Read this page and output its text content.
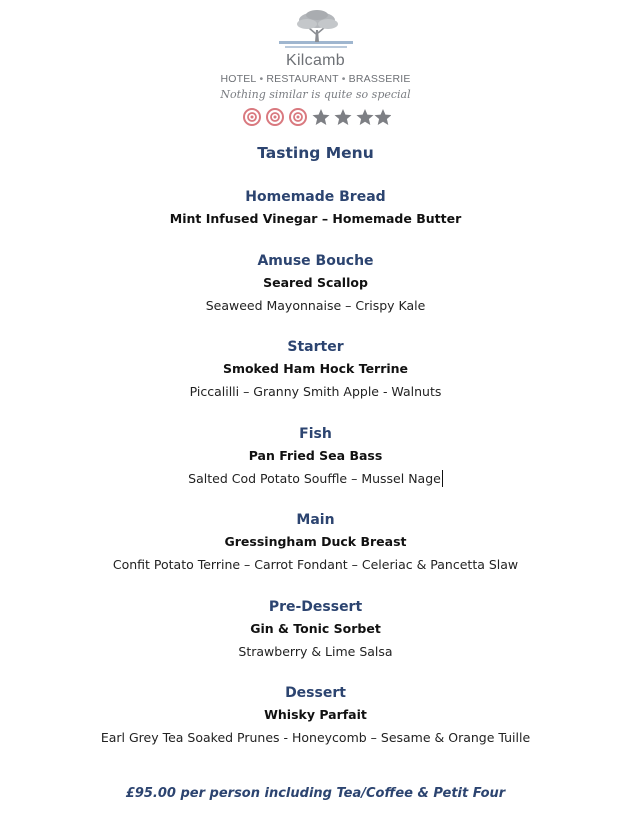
Kilcamb
HOTEL • RESTAURANT • BRASSERIE
Nothing similar is quite so special
Tasting Menu
Homemade Bread
Mint Infused Vinegar – Homemade Butter
Amuse Bouche
Seared Scallop
Seaweed Mayonnaise – Crispy Kale
Starter
Smoked Ham Hock Terrine
Piccalilli – Granny Smith Apple - Walnuts
Fish
Pan Fried Sea Bass
Salted Cod Potato Souffle – Mussel Nage
Main
Gressingham Duck Breast
Confit Potato Terrine – Carrot Fondant – Celeriac & Pancetta Slaw
Pre-Dessert
Gin & Tonic Sorbet
Strawberry & Lime Salsa
Dessert
Whisky Parfait
Earl Grey Tea Soaked Prunes - Honeycomb – Sesame & Orange Tuille
£95.00 per person including Tea/Coffee & Petit Four
